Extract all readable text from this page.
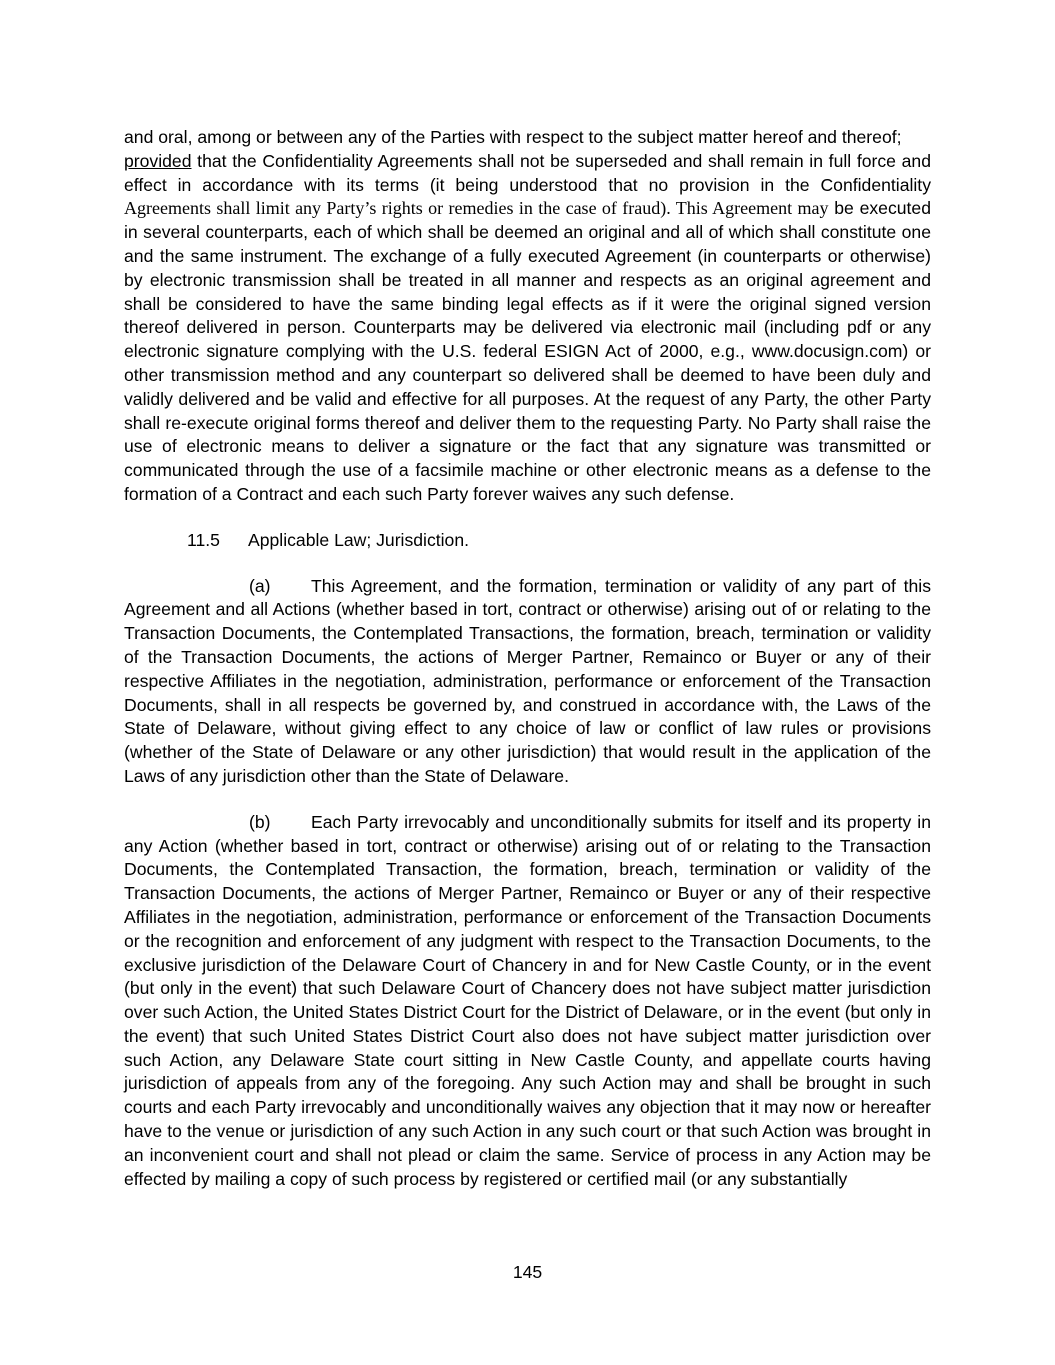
and oral, among or between any of the Parties with respect to the subject matter hereof and thereof;
provided that the Confidentiality Agreements shall not be superseded and shall remain in full force and effect in accordance with its terms (it being understood that no provision in the Confidentiality Agreements shall limit any Party’s rights or remedies in the case of fraud). This Agreement may be executed in several counterparts, each of which shall be deemed an original and all of which shall constitute one and the same instrument. The exchange of a fully executed Agreement (in counterparts or otherwise) by electronic transmission shall be treated in all manner and respects as an original agreement and shall be considered to have the same binding legal effects as if it were the original signed version thereof delivered in person. Counterparts may be delivered via electronic mail (including pdf or any electronic signature complying with the U.S. federal ESIGN Act of 2000, e.g., www.docusign.com) or other transmission method and any counterpart so delivered shall be deemed to have been duly and validly delivered and be valid and effective for all purposes. At the request of any Party, the other Party shall re-execute original forms thereof and deliver them to the requesting Party. No Party shall raise the use of electronic means to deliver a signature or the fact that any signature was transmitted or communicated through the use of a facsimile machine or other electronic means as a defense to the formation of a Contract and each such Party forever waives any such defense.

11.5 Applicable Law; Jurisdiction.

(a) This Agreement, and the formation, termination or validity of any part of this Agreement and all Actions (whether based in tort, contract or otherwise) arising out of or relating to the Transaction Documents, the Contemplated Transactions, the formation, breach, termination or validity of the Transaction Documents, the actions of Merger Partner, Remainco or Buyer or any of their respective Affiliates in the negotiation, administration, performance or enforcement of the Transaction Documents, shall in all respects be governed by, and construed in accordance with, the Laws of the State of Delaware, without giving effect to any choice of law or conflict of law rules or provisions (whether of the State of Delaware or any other jurisdiction) that would result in the application of the Laws of any jurisdiction other than the State of Delaware.

(b) Each Party irrevocably and unconditionally submits for itself and its property in any Action (whether based in tort, contract or otherwise) arising out of or relating to the Transaction Documents, the Contemplated Transaction, the formation, breach, termination or validity of the Transaction Documents, the actions of Merger Partner, Remainco or Buyer or any of their respective Affiliates in the negotiation, administration, performance or enforcement of the Transaction Documents or the recognition and enforcement of any judgment with respect to the Transaction Documents, to the exclusive jurisdiction of the Delaware Court of Chancery in and for New Castle County, or in the event (but only in the event) that such Delaware Court of Chancery does not have subject matter jurisdiction over such Action, the United States District Court for the District of Delaware, or in the event (but only in the event) that such United States District Court also does not have subject matter jurisdiction over such Action, any Delaware State court sitting in New Castle County, and appellate courts having jurisdiction of appeals from any of the foregoing. Any such Action may and shall be brought in such courts and each Party irrevocably and unconditionally waives any objection that it may now or hereafter have to the venue or jurisdiction of any such Action in any such court or that such Action was brought in an inconvenient court and shall not plead or claim the same. Service of process in any Action may be effected by mailing a copy of such process by registered or certified mail (or any substantially

145
